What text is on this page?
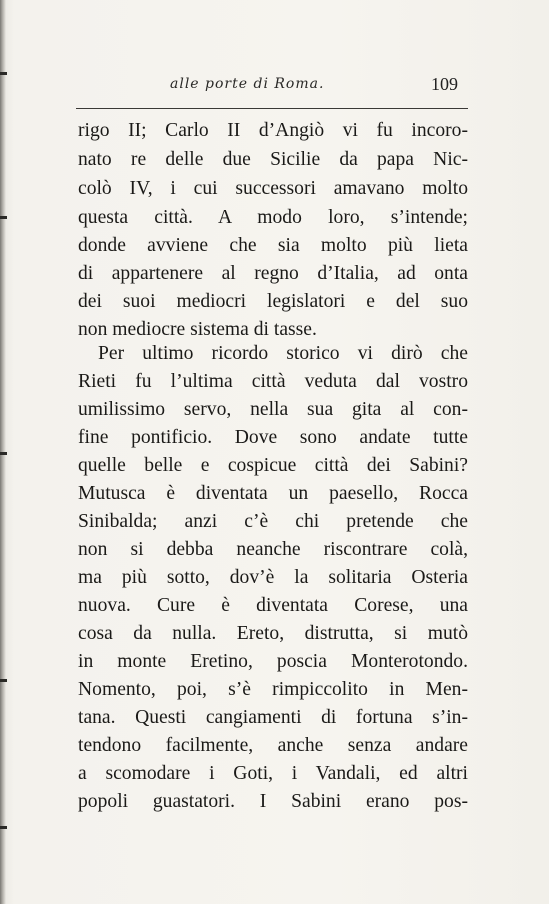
alle porte di Roma.	109
rigo II; Carlo II d’Angiò vi fu incoro-
nato re delle due Sicilie da papa Nic-
colò IV, i cui successori amavano molto
questa città. A modo loro, s’intende;
donde avviene che sia molto più lieta
di appartenere al regno d’Italia, ad onta
dei suoi mediocri legislatori e del suo
non mediocre sistema di tasse.
Per ultimo ricordo storico vi dirò che
Rieti fu l’ultima città veduta dal vostro
umilissimo servo, nella sua gita al con-
fine pontificio. Dove sono andate tutte
quelle belle e cospicue città dei Sabini?
Mutusca è diventata un paesello, Rocca
Sinibalda; anzi c’è chi pretende che
non si debba neanche riscontrare colà,
ma più sotto, dov’è la solitaria Osteria
nuova. Cure è diventata Corese, una
cosa da nulla. Ereto, distrutta, si mutò
in monte Eretino, poscia Monterotondo.
Nomento, poi, s’è rimpiccolito in Men-
tana. Questi cangiamenti di fortuna s’in-
tendono facilmente, anche senza andare
a scomodare i Goti, i Vandali, ed altri
popoli guastatori. I Sabini erano pos-
